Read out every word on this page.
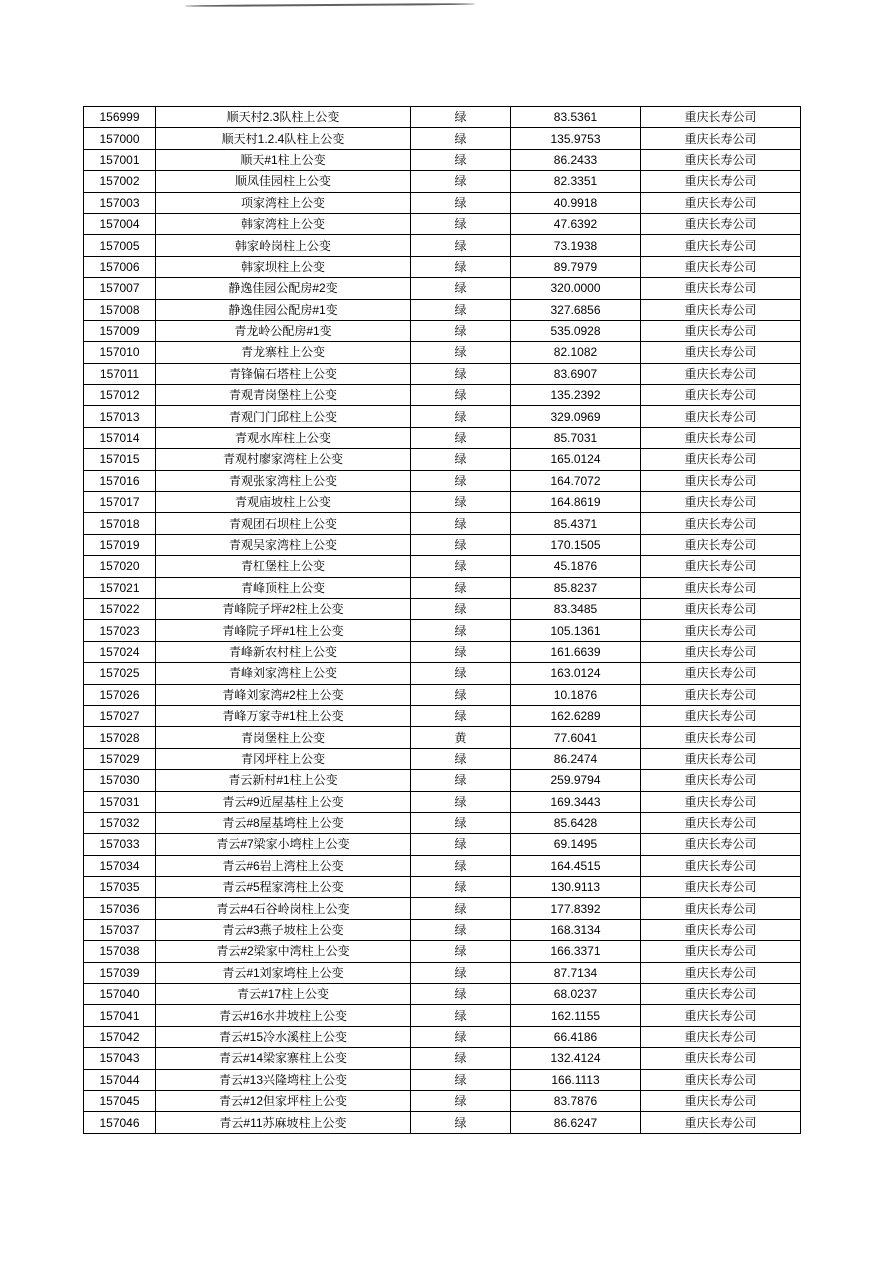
156999	顺天村2.3队柱上公变	绿	83.5361	重庆长寿公司
157000	顺天村1.2.4队柱上公变	绿	135.9753	重庆长寿公司
157001	顺天#1柱上公变	绿	86.2433	重庆长寿公司
157002	顺凤佳园柱上公变	绿	82.3351	重庆长寿公司
157003	项家湾柱上公变	绿	40.9918	重庆长寿公司
157004	韩家湾柱上公变	绿	47.6392	重庆长寿公司
157005	韩家岭岗柱上公变	绿	73.1938	重庆长寿公司
157006	韩家坝柱上公变	绿	89.7979	重庆长寿公司
157007	静逸佳园公配房#2变	绿	320.0000	重庆长寿公司
157008	静逸佳园公配房#1变	绿	327.6856	重庆长寿公司
157009	青龙岭公配房#1变	绿	535.0928	重庆长寿公司
157010	青龙寨柱上公变	绿	82.1082	重庆长寿公司
157011	青锋偏石塔柱上公变	绿	83.6907	重庆长寿公司
157012	青观青岗堡柱上公变	绿	135.2392	重庆长寿公司
157013	青观门门邱柱上公变	绿	329.0969	重庆长寿公司
157014	青观水库柱上公变	绿	85.7031	重庆长寿公司
157015	青观村廖家湾柱上公变	绿	165.0124	重庆长寿公司
157016	青观张家湾柱上公变	绿	164.7072	重庆长寿公司
157017	青观庙坡柱上公变	绿	164.8619	重庆长寿公司
157018	青观团石坝柱上公变	绿	85.4371	重庆长寿公司
157019	青观吴家湾柱上公变	绿	170.1505	重庆长寿公司
157020	青杠堡柱上公变	绿	45.1876	重庆长寿公司
157021	青峰顶柱上公变	绿	85.8237	重庆长寿公司
157022	青峰院子坪#2柱上公变	绿	83.3485	重庆长寿公司
157023	青峰院子坪#1柱上公变	绿	105.1361	重庆长寿公司
157024	青峰新农村柱上公变	绿	161.6639	重庆长寿公司
157025	青峰刘家湾柱上公变	绿	163.0124	重庆长寿公司
157026	青峰刘家湾#2柱上公变	绿	10.1876	重庆长寿公司
157027	青峰万家寺#1柱上公变	绿	162.6289	重庆长寿公司
157028	青岗堡柱上公变	黄	77.6041	重庆长寿公司
157029	青冈坪柱上公变	绿	86.2474	重庆长寿公司
157030	青云新村#1柱上公变	绿	259.9794	重庆长寿公司
157031	青云#9近屋基柱上公变	绿	169.3443	重庆长寿公司
157032	青云#8屋基塆柱上公变	绿	85.6428	重庆长寿公司
157033	青云#7梁家小塆柱上公变	绿	69.1495	重庆长寿公司
157034	青云#6岩上湾柱上公变	绿	164.4515	重庆长寿公司
157035	青云#5程家湾柱上公变	绿	130.9113	重庆长寿公司
157036	青云#4石谷岭岗柱上公变	绿	177.8392	重庆长寿公司
157037	青云#3燕子坡柱上公变	绿	168.3134	重庆长寿公司
157038	青云#2梁家中湾柱上公变	绿	166.3371	重庆长寿公司
157039	青云#1刘家塆柱上公变	绿	87.7134	重庆长寿公司
157040	青云#17柱上公变	绿	68.0237	重庆长寿公司
157041	青云#16水井坡柱上公变	绿	162.1155	重庆长寿公司
157042	青云#15冷水溪柱上公变	绿	66.4186	重庆长寿公司
157043	青云#14梁家寨柱上公变	绿	132.4124	重庆长寿公司
157044	青云#13兴隆塆柱上公变	绿	166.1113	重庆长寿公司
157045	青云#12但家坪柱上公变	绿	83.7876	重庆长寿公司
157046	青云#11苏麻坡柱上公变	绿	86.6247	重庆长寿公司
